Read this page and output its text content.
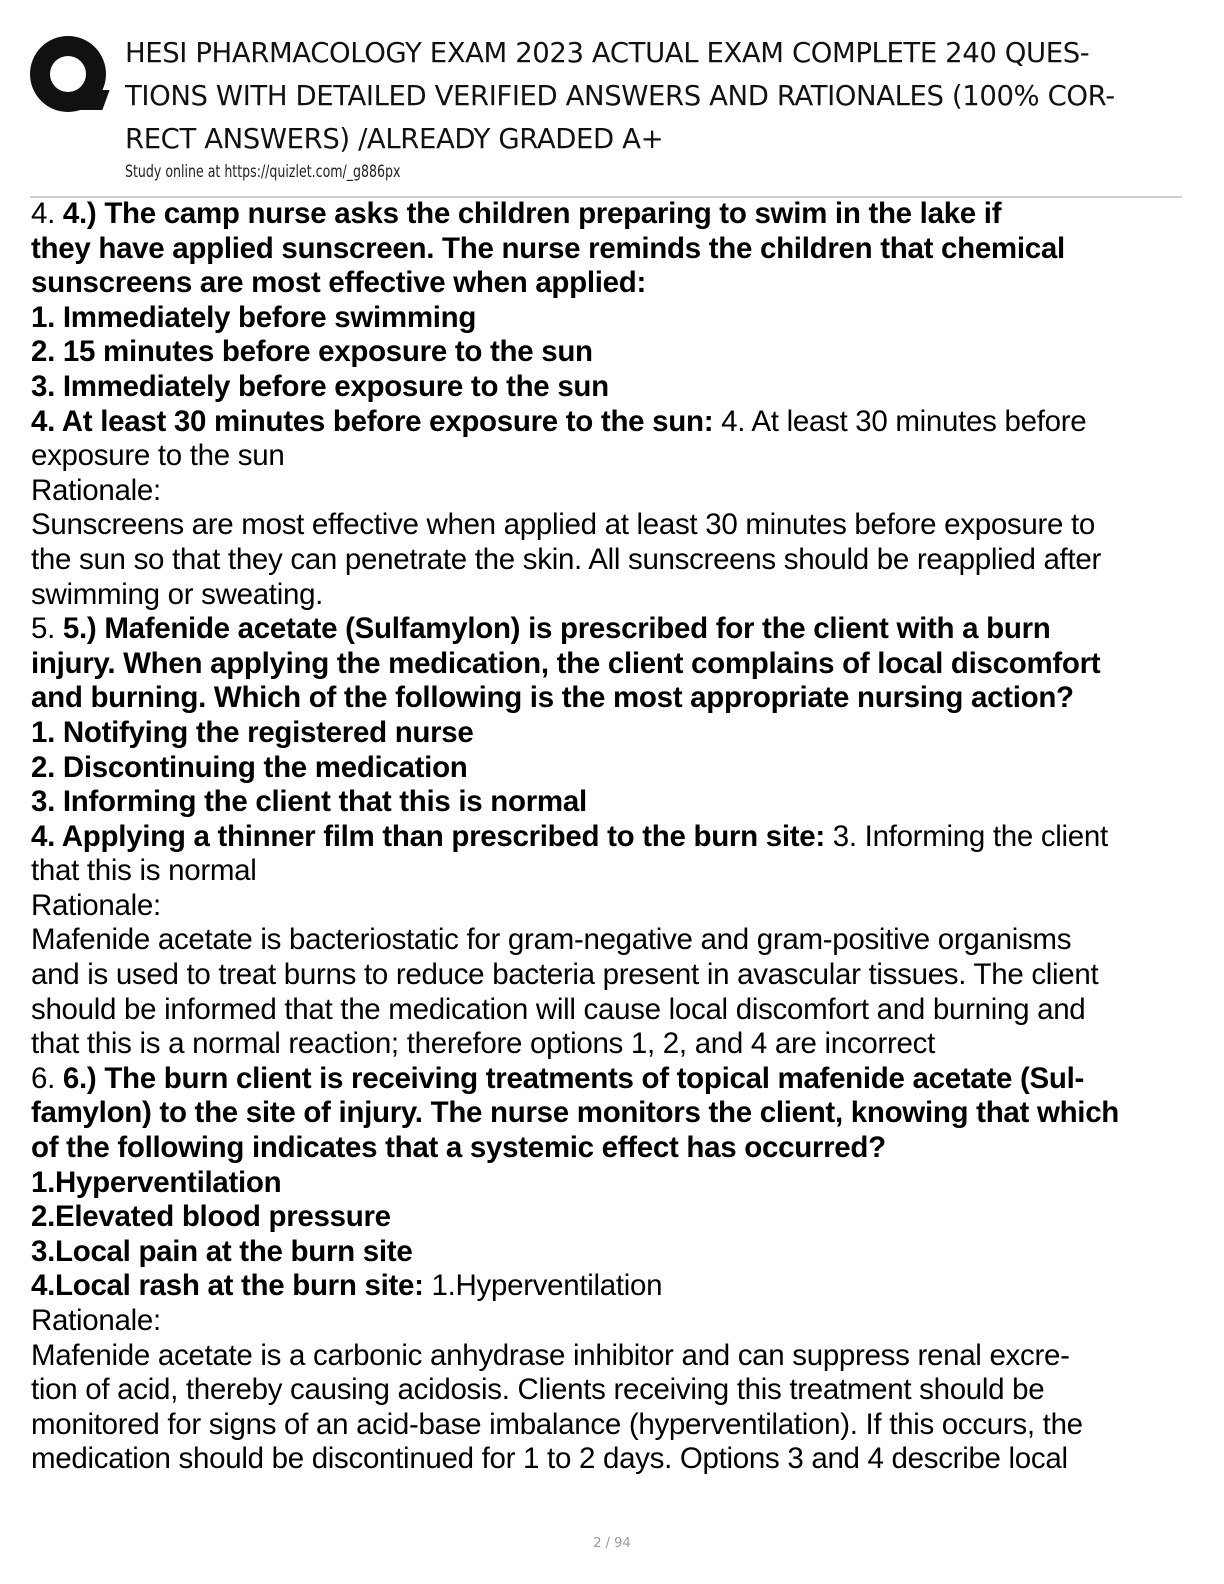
HESI PHARMACOLOGY EXAM 2023 ACTUAL EXAM COMPLETE 240 QUES-
TIONS WITH DETAILED VERIFIED ANSWERS AND RATIONALES (100% COR-
RECT ANSWERS) /ALREADY GRADED A+
Study online at https://quizlet.com/_g886px
4. 4.) The camp nurse asks the children preparing to swim in the lake if
they have applied sunscreen. The nurse reminds the children that chemical
sunscreens are most effective when applied:
1. Immediately before swimming
2. 15 minutes before exposure to the sun
3. Immediately before exposure to the sun
4. At least 30 minutes before exposure to the sun: 4. At least 30 minutes before
exposure to the sun
Rationale:
Sunscreens are most effective when applied at least 30 minutes before exposure to
the sun so that they can penetrate the skin. All sunscreens should be reapplied after
swimming or sweating.
5. 5.) Mafenide acetate (Sulfamylon) is prescribed for the client with a burn
injury. When applying the medication, the client complains of local discomfort
and burning. Which of the following is the most appropriate nursing action?
1. Notifying the registered nurse
2. Discontinuing the medication
3. Informing the client that this is normal
4. Applying a thinner film than prescribed to the burn site: 3. Informing the client
that this is normal
Rationale:
Mafenide acetate is bacteriostatic for gram-negative and gram-positive organisms
and is used to treat burns to reduce bacteria present in avascular tissues. The client
should be informed that the medication will cause local discomfort and burning and
that this is a normal reaction; therefore options 1, 2, and 4 are incorrect
6. 6.) The burn client is receiving treatments of topical mafenide acetate (Sul-
famylon) to the site of injury. The nurse monitors the client, knowing that which
of the following indicates that a systemic effect has occurred?
1.Hyperventilation
2.Elevated blood pressure
3.Local pain at the burn site
4.Local rash at the burn site: 1.Hyperventilation
Rationale:
Mafenide acetate is a carbonic anhydrase inhibitor and can suppress renal excre-
tion of acid, thereby causing acidosis. Clients receiving this treatment should be
monitored for signs of an acid-base imbalance (hyperventilation). If this occurs, the
medication should be discontinued for 1 to 2 days. Options 3 and 4 describe local
2 / 94
